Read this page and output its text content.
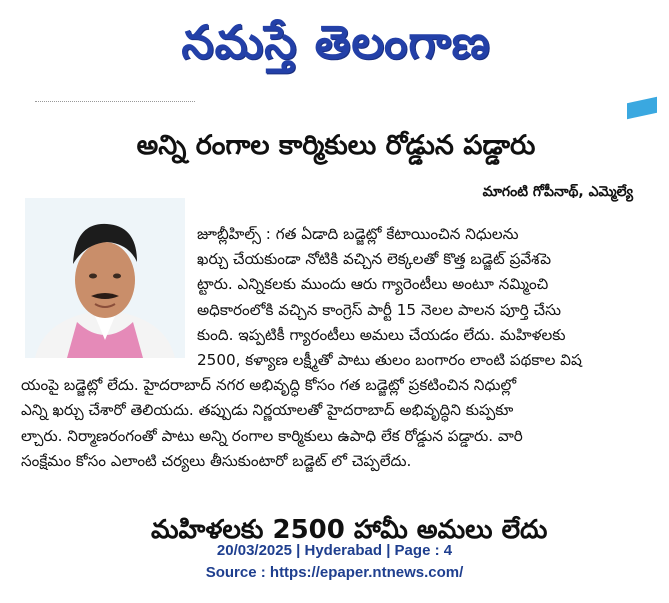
నమస్తే తెలంగాణ
అన్ని రంగాల కార్మికులు రోడ్డున పడ్డారు
మాగంటి గోపీనాథ్, ఎమ్మెల్యే
జూబ్లీహిల్స్ : గత ఏడాది బడ్జెట్లో కేటాయించిన నిధులను
ఖర్చు చేయకుండా నోటికి వచ్చిన లెక్కలతో కొత్త బడ్జెట్ ప్రవేశపె
ట్టారు. ఎన్నికలకు ముందు ఆరు గ్యారెంటీలు అంటూ నమ్మించి
అధికారంలోకి వచ్చిన కాంగ్రెస్ పార్టీ 15 నెలల పాలన పూర్తి చేసు
కుంది. ఇప్పటికీ గ్యారంటీలు అమలు చేయడం లేదు. మహిళలకు
2500, కళ్యాణ లక్ష్మీతో పాటు తులం బంగారం లాంటి పథకాల విష
యంపై బడ్జెట్లో లేదు. హైదరాబాద్ నగర అభివృద్ధి కోసం గత బడ్జెట్లో ప్రకటించిన నిధుల్లో
ఎన్ని ఖర్చు చేశారో తెలియదు. తప్పుడు నిర్ణయాలతో హైదరాబాద్ అభివృద్ధిని కుప్పకూ
ల్చారు. నిర్మాణరంగంతో పాటు అన్ని రంగాల కార్మికులు ఉపాధి లేక రోడ్డున పడ్డారు. వారి
సంక్షేమం కోసం ఎలాంటి చర్యలు తీసుకుంటారో బడ్జెట్ లో చెప్పలేదు.
మహిళలకు 2500 హామీ అమలు లేదు
20/03/2025 | Hyderabad | Page : 4
Source : https://epaper.ntnews.com/
